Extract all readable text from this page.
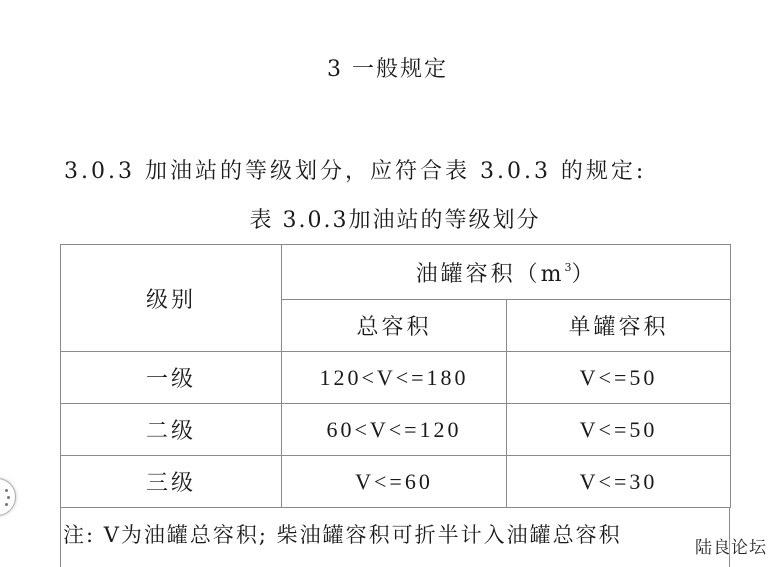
3 一般规定
3.0.3 加油站的等级划分，应符合表 3.0.3 的规定:
表 3.0.3加油站的等级划分
级别	油罐容积$(m^3)$	
	总容积	单罐容积
一级	120<V<=180	V<=50
二级	60<V<=120	V<=50
三级	V<=60	V<=30
注: V为油罐总容积; 柴油罐容积可折半计入油罐总容积
陆良论坛
